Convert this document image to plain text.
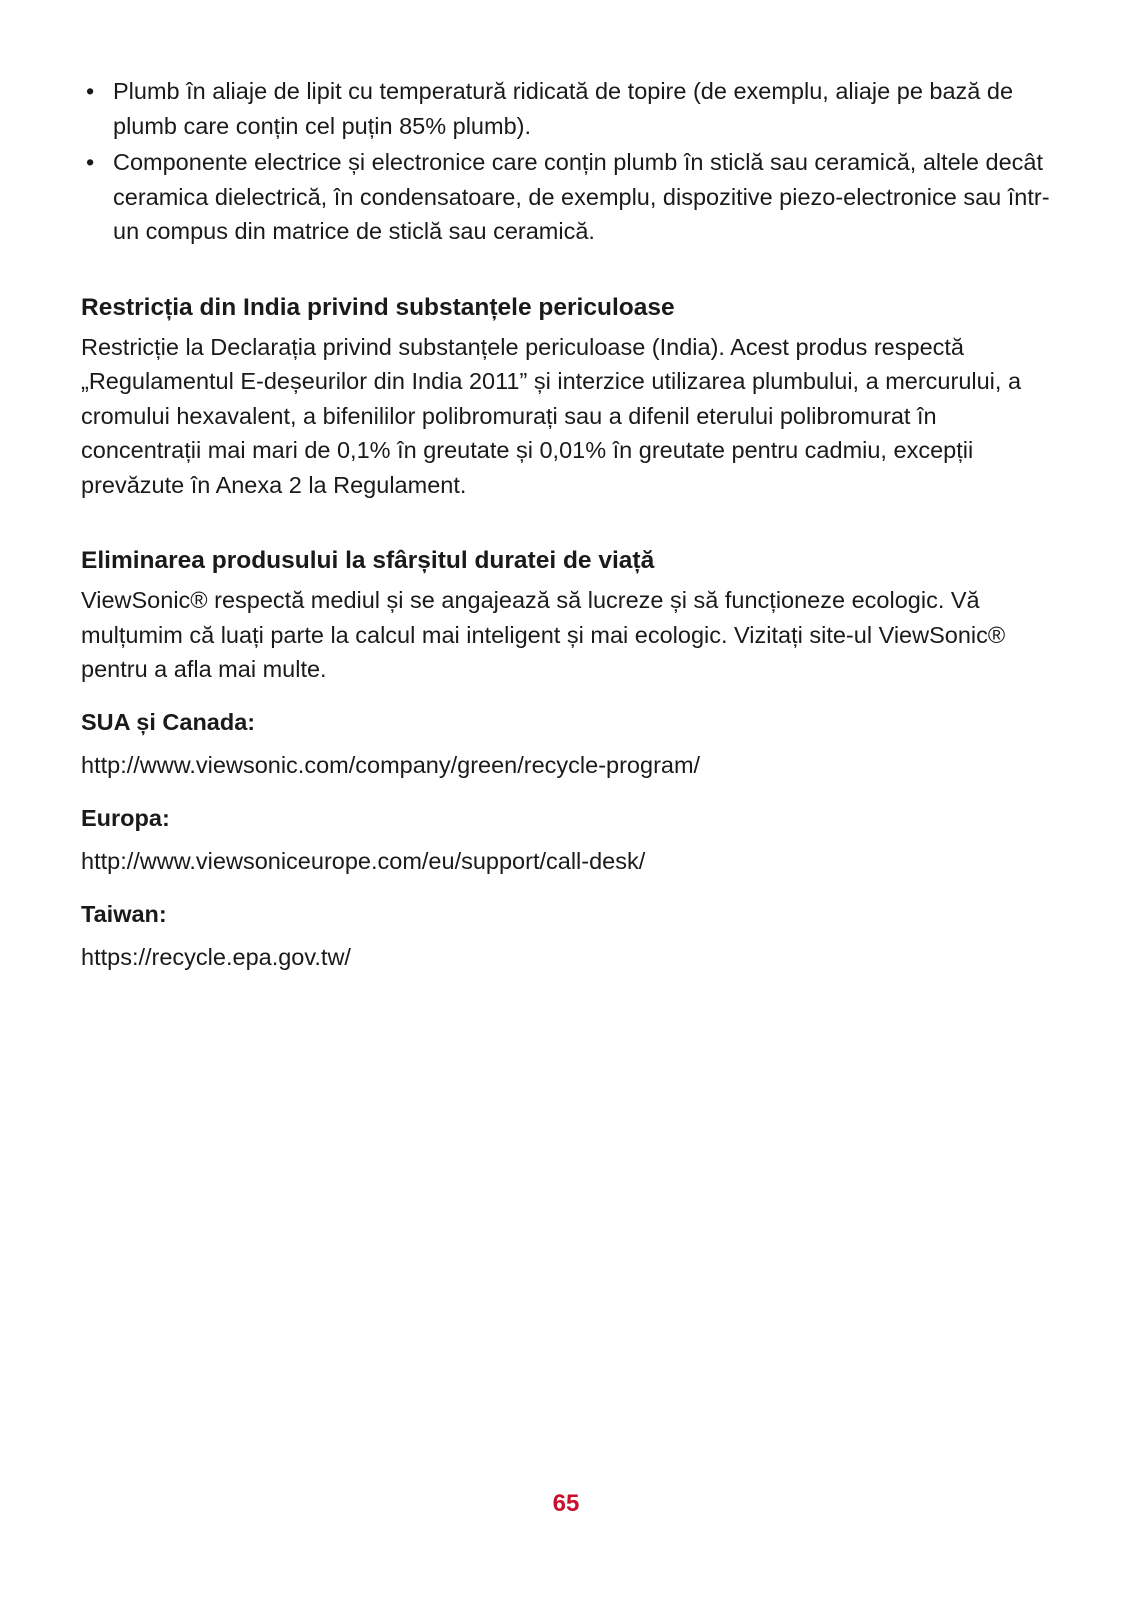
• Plumb în aliaje de lipit cu temperatură ridicată de topire (de exemplu, aliaje pe bază de plumb care conțin cel puțin 85% plumb).
• Componente electrice și electronice care conțin plumb în sticlă sau ceramică, altele decât ceramica dielectrică, în condensatoare, de exemplu, dispozitive piezo-electronice sau într-un compus din matrice de sticlă sau ceramică.
Restricția din India privind substanțele periculoase

Restricție la Declarația privind substanțele periculoase (India). Acest produs respectă „Regulamentul E-deșeurilor din India 2011” și interzice utilizarea plumbului, a mercurului, a cromului hexavalent, a bifenililor polibromurați sau a difenil eterului polibromurat în concentrații mai mari de 0,1% în greutate și 0,01% în greutate pentru cadmiu, excepții prevăzute în Anexa 2 la Regulament.

Eliminarea produsului la sfârșitul duratei de viață

ViewSonic® respectă mediul și se angajează să lucreze și să funcționeze ecologic. Vă mulțumim că luați parte la calcul mai inteligent și mai ecologic. Vizitați site-ul ViewSonic® pentru a afla mai multe.

SUA și Canada:
http://www.viewsonic.com/company/green/recycle-program/
Europa:
http://www.viewsoniceurope.com/eu/support/call-desk/
Taiwan:
https://recycle.epa.gov.tw/
65
